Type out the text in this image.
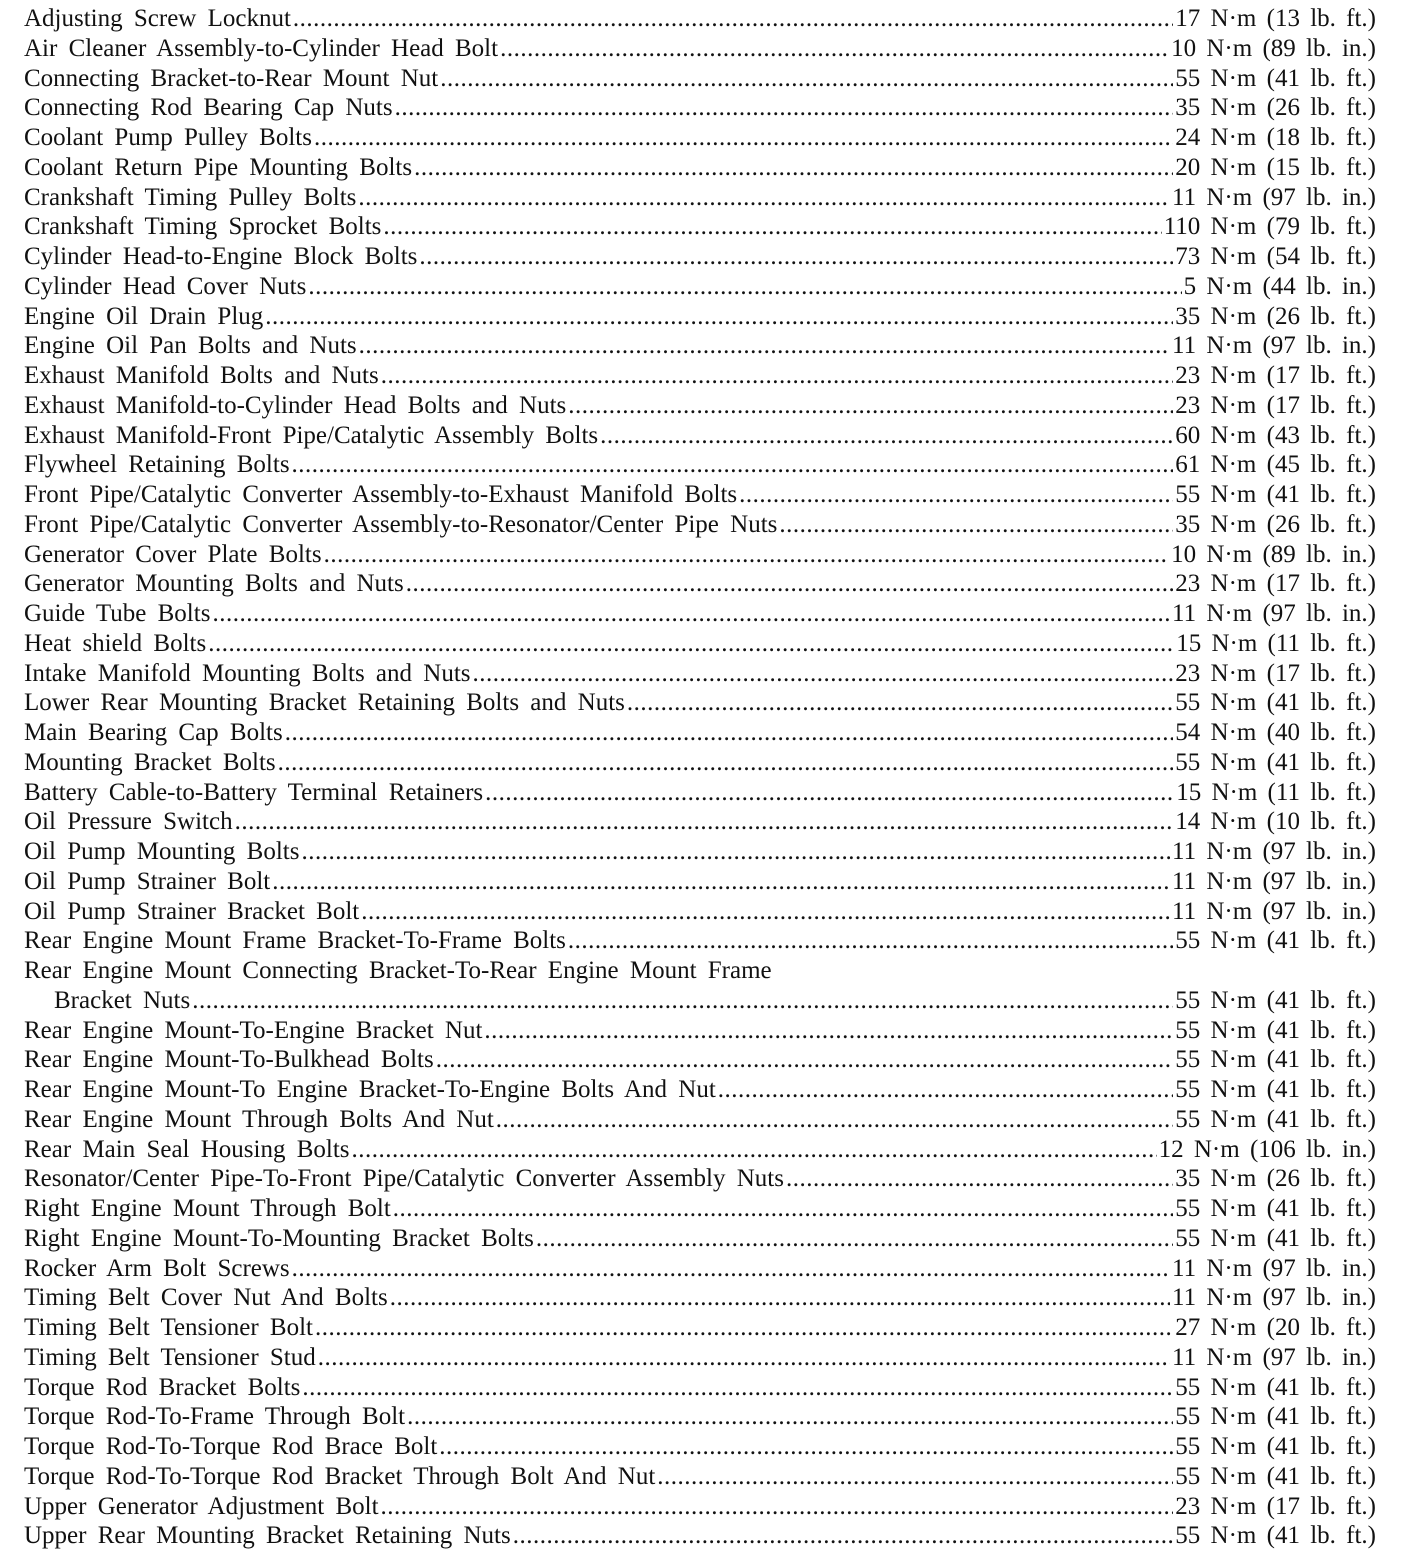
Adjusting Screw Locknut .....	17 N·m (13 lb. ft.)
Air Cleaner Assembly-to-Cylinder Head Bolt .....	10 N·m (89 lb. in.)
Connecting Bracket-to-Rear Mount Nut .....	55 N·m (41 lb. ft.)
Connecting Rod Bearing Cap Nuts .....	35 N·m (26 lb. ft.)
Coolant Pump Pulley Bolts .....	24 N·m (18 lb. ft.)
Coolant Return Pipe Mounting Bolts .....	20 N·m (15 lb. ft.)
Crankshaft Timing Pulley Bolts .....	11 N·m (97 lb. in.)
Crankshaft Timing Sprocket Bolts .....	110 N·m (79 lb. ft.)
Cylinder Head-to-Engine Block Bolts .....	73 N·m (54 lb. ft.)
Cylinder Head Cover Nuts .....	5 N·m (44 lb. in.)
Engine Oil Drain Plug .....	35 N·m (26 lb. ft.)
Engine Oil Pan Bolts and Nuts .....	11 N·m (97 lb. in.)
Exhaust Manifold Bolts and Nuts .....	23 N·m (17 lb. ft.)
Exhaust Manifold-to-Cylinder Head Bolts and Nuts .....	23 N·m (17 lb. ft.)
Exhaust Manifold-Front Pipe/Catalytic Assembly Bolts .....	60 N·m (43 lb. ft.)
Flywheel Retaining Bolts .....	61 N·m (45 lb. ft.)
Front Pipe/Catalytic Converter Assembly-to-Exhaust Manifold Bolts .....	55 N·m (41 lb. ft.)
Front Pipe/Catalytic Converter Assembly-to-Resonator/Center Pipe Nuts .....	35 N·m (26 lb. ft.)
Generator Cover Plate Bolts .....	10 N·m (89 lb. in.)
Generator Mounting Bolts and Nuts .....	23 N·m (17 lb. ft.)
Guide Tube Bolts .....	11 N·m (97 lb. in.)
Heat shield Bolts .....	15 N·m (11 lb. ft.)
Intake Manifold Mounting Bolts and Nuts .....	23 N·m (17 lb. ft.)
Lower Rear Mounting Bracket Retaining Bolts and Nuts .....	55 N·m (41 lb. ft.)
Main Bearing Cap Bolts .....	54 N·m (40 lb. ft.)
Mounting Bracket Bolts .....	55 N·m (41 lb. ft.)
Battery Cable-to-Battery Terminal Retainers .....	15 N·m (11 lb. ft.)
Oil Pressure Switch .....	14 N·m (10 lb. ft.)
Oil Pump Mounting Bolts .....	11 N·m (97 lb. in.)
Oil Pump Strainer Bolt .....	11 N·m (97 lb. in.)
Oil Pump Strainer Bracket Bolt .....	11 N·m (97 lb. in.)
Rear Engine Mount Frame Bracket-To-Frame Bolts .....	55 N·m (41 lb. ft.)
Rear Engine Mount Connecting Bracket-To-Rear Engine Mount Frame
Bracket Nuts .....	55 N·m (41 lb. ft.)
Rear Engine Mount-To-Engine Bracket Nut .....	55 N·m (41 lb. ft.)
Rear Engine Mount-To-Bulkhead Bolts .....	55 N·m (41 lb. ft.)
Rear Engine Mount-To Engine Bracket-To-Engine Bolts And Nut .....	55 N·m (41 lb. ft.)
Rear Engine Mount Through Bolts And Nut .....	55 N·m (41 lb. ft.)
Rear Main Seal Housing Bolts .....	12 N·m (106 lb. in.)
Resonator/Center Pipe-To-Front Pipe/Catalytic Converter Assembly Nuts .....	35 N·m (26 lb. ft.)
Right Engine Mount Through Bolt .....	55 N·m (41 lb. ft.)
Right Engine Mount-To-Mounting Bracket Bolts .....	55 N·m (41 lb. ft.)
Rocker Arm Bolt Screws .....	11 N·m (97 lb. in.)
Timing Belt Cover Nut And Bolts .....	11 N·m (97 lb. in.)
Timing Belt Tensioner Bolt .....	27 N·m (20 lb. ft.)
Timing Belt Tensioner Stud .....	11 N·m (97 lb. in.)
Torque Rod Bracket Bolts .....	55 N·m (41 lb. ft.)
Torque Rod-To-Frame Through Bolt .....	55 N·m (41 lb. ft.)
Torque Rod-To-Torque Rod Brace Bolt .....	55 N·m (41 lb. ft.)
Torque Rod-To-Torque Rod Bracket Through Bolt And Nut .....	55 N·m (41 lb. ft.)
Upper Generator Adjustment Bolt .....	23 N·m (17 lb. ft.)
Upper Rear Mounting Bracket Retaining Nuts .....	55 N·m (41 lb. ft.)
